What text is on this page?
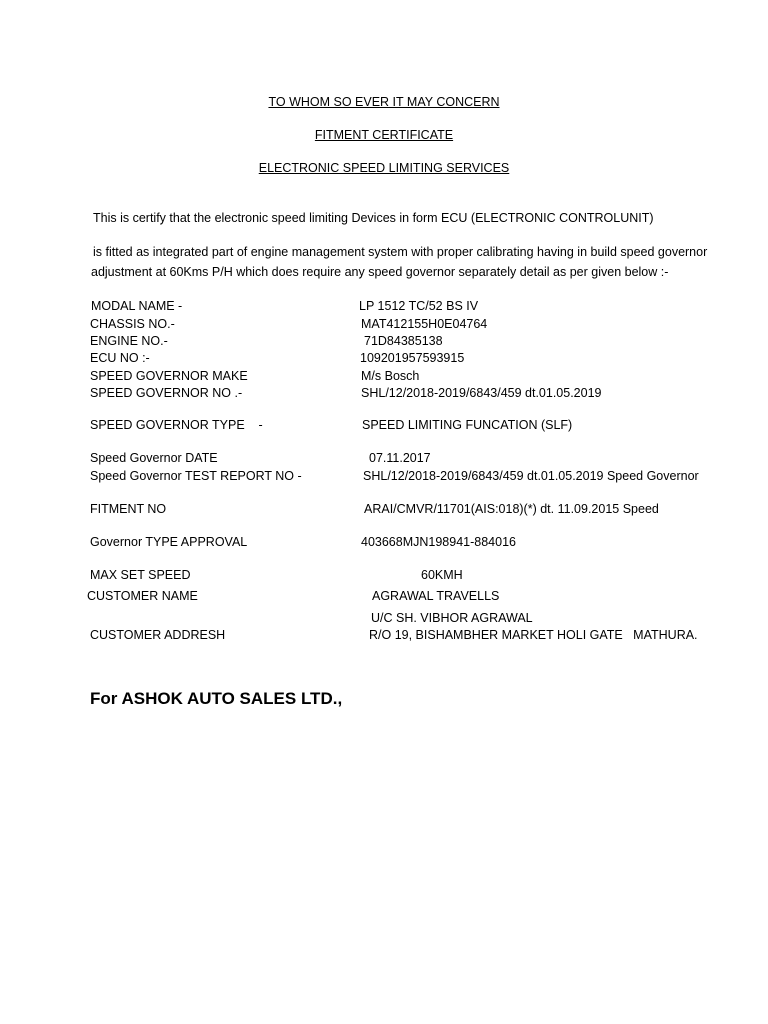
TO WHOM SO EVER IT MAY CONCERN
FITMENT CERTIFICATE
ELECTRONIC SPEED LIMITING SERVICES
This is certify that the electronic speed limiting Devices in form ECU (ELECTRONIC CONTROLUNIT)
is fitted as integrated part of engine management system with proper calibrating having in build speed governor
adjustment at 60Kms P/H which does require any speed governor separately detail as per given below :-
MODAL NAME -
CHASSIS NO.-
ENGINE NO.-
ECU NO :-
SPEED GOVERNOR MAKE
SPEED GOVERNOR NO .-
SPEED GOVERNOR TYPE    -
Speed Governor DATE
Speed Governor TEST REPORT NO -
FITMENT NO
Governor TYPE APPROVAL
MAX SET SPEED
CUSTOMER NAME
CUSTOMER ADDRESH
LP 1512 TC/52 BS IV
MAT412155H0E04764
71D84385138
109201957593915
M/s Bosch
SHL/12/2018-2019/6843/459 dt.01.05.2019
SPEED LIMITING FUNCATION (SLF)
07.11.2017
SHL/12/2018-2019/6843/459 dt.01.05.2019 Speed Governor
ARAI/CMVR/11701(AIS:018)(*) dt. 11.09.2015 Speed
403668MJN198941-884016
60KMH
AGRAWAL TRAVELLS
U/C SH. VIBHOR AGRAWAL
R/O 19, BISHAMBHER MARKET HOLI GATE   MATHURA.
For ASHOK AUTO SALES LTD.,
